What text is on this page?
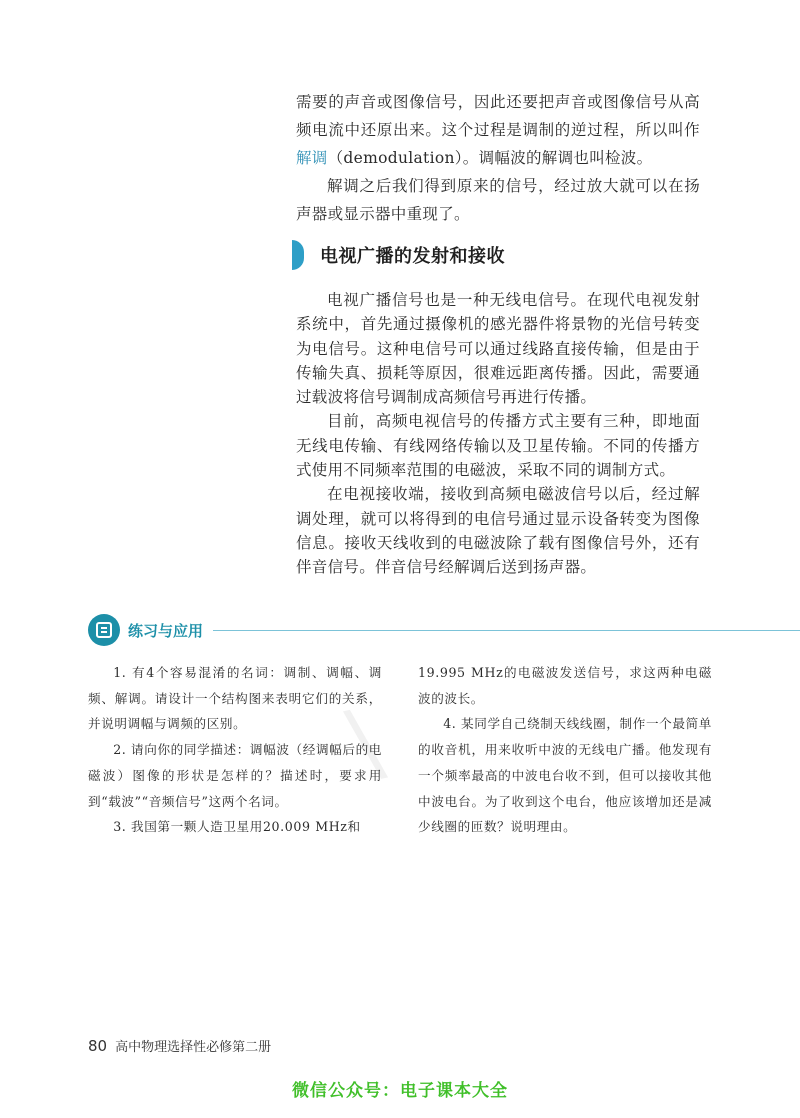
需要的声音或图像信号，因此还要把声音或图像信号从高频电流中还原出来。这个过程是调制的逆过程，所以叫作解调（demodulation）。调幅波的解调也叫检波。

解调之后我们得到原来的信号，经过放大就可以在扬声器或显示器中重现了。

电视广播的发射和接收

电视广播信号也是一种无线电信号。在现代电视发射系统中，首先通过摄像机的感光器件将景物的光信号转变为电信号。这种电信号可以通过线路直接传输，但是由于传输失真、损耗等原因，很难远距离传播。因此，需要通过载波将信号调制成高频信号再进行传播。

目前，高频电视信号的传播方式主要有三种，即地面无线电传输、有线网络传输以及卫星传输。不同的传播方式使用不同频率范围的电磁波，采取不同的调制方式。

在电视接收端，接收到高频电磁波信号以后，经过解调处理，就可以将得到的电信号通过显示设备转变为图像信息。接收天线收到的电磁波除了载有图像信号外，还有伴音信号。伴音信号经解调后送到扬声器。

练习与应用
\

1. 有4个容易混淆的名词：调制、调幅、调频、解调。请设计一个结构图来表明它们的关系，并说明调幅与调频的区别。

2. 请向你的同学描述：调幅波（经调幅后的电磁波）图像的形状是怎样的？描述时，要求用到“载波”“音频信号”这两个名词。

3. 我国第一颗人造卫星用20.009 MHz和

19.995 MHz的电磁波发送信号，求这两种电磁波的波长。

4. 某同学自己绕制天线线圈，制作一个最简单的收音机，用来收听中波的无线电广播。他发现有一个频率最高的中波电台收不到，但可以接收其他中波电台。为了收到这个电台，他应该增加还是减少线圈的匝数？说明理由。

80 高中物理选择性必修第二册
微信公众号：电子课本大全
